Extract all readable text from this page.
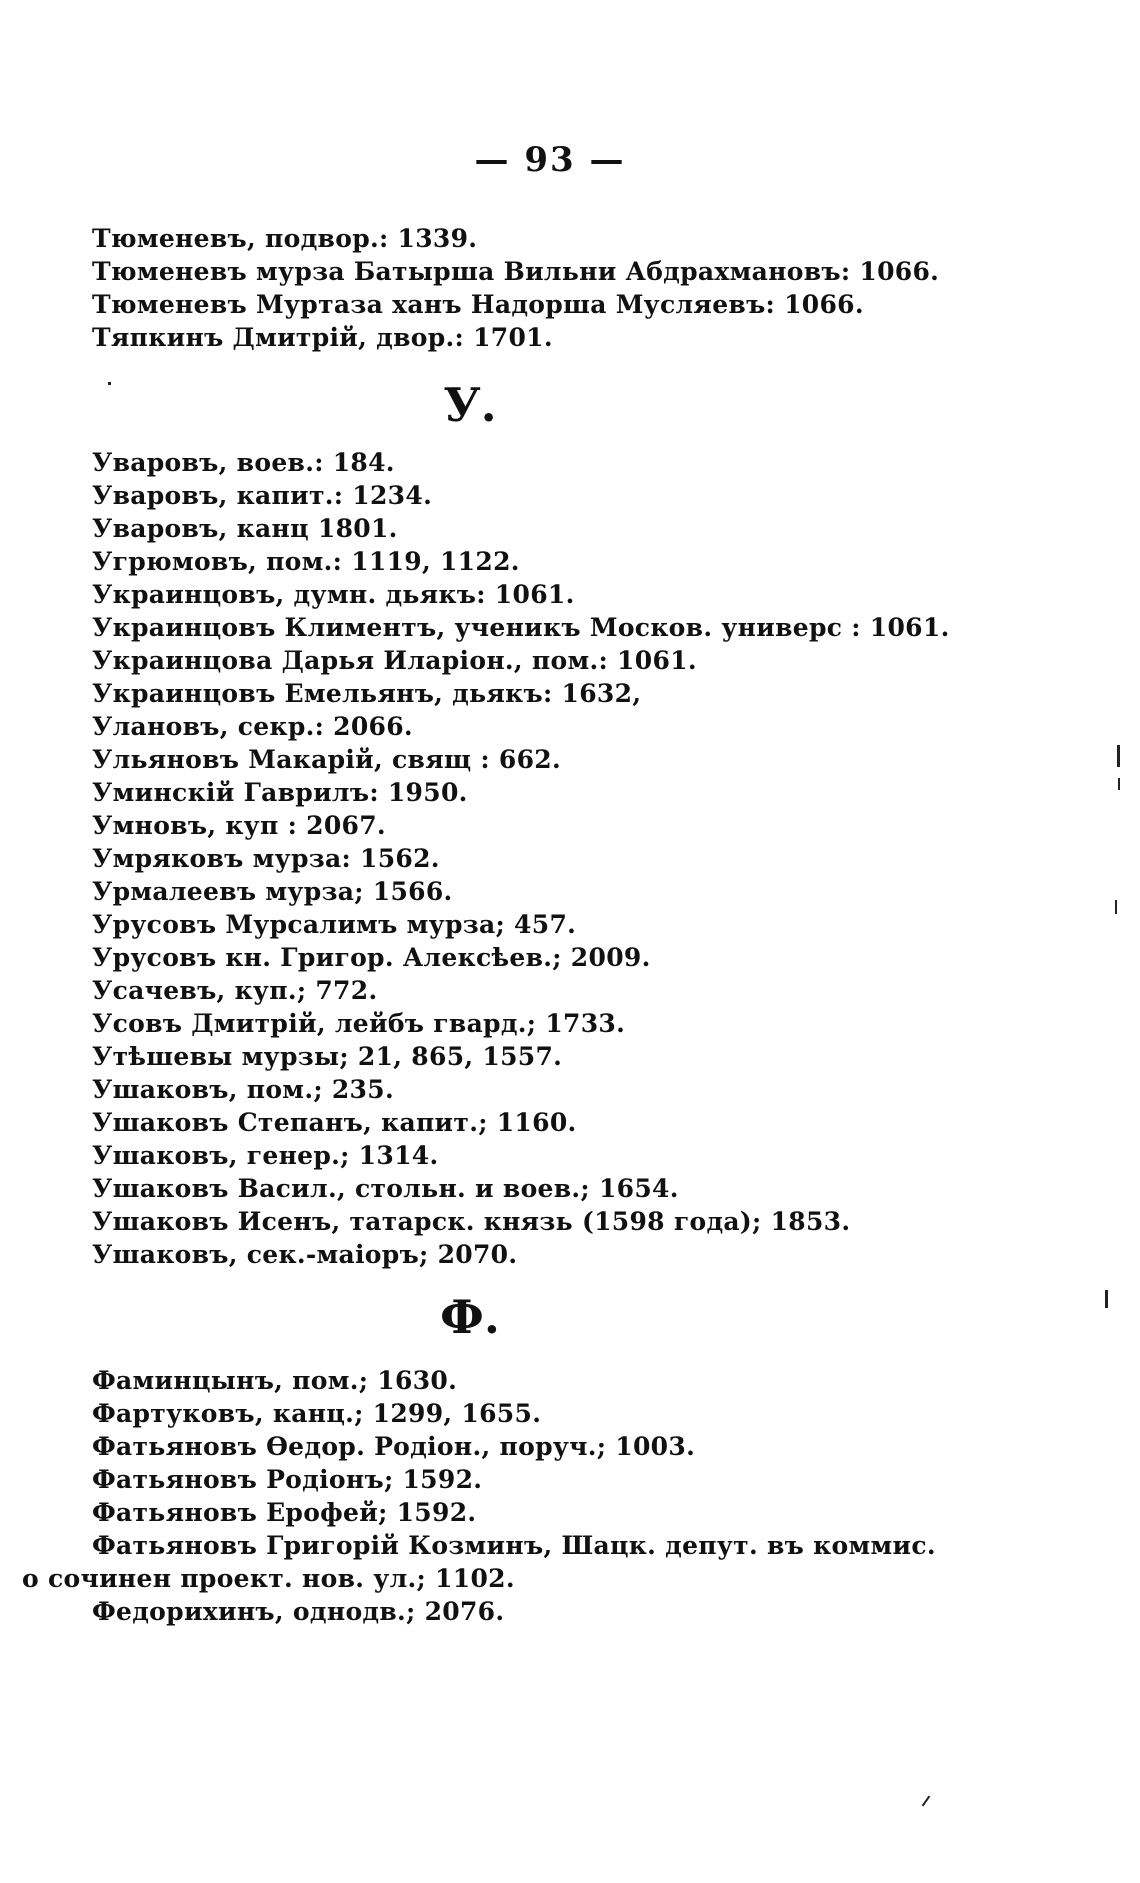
— 93 —
Тюменевъ, подвор.: 1339.
Тюменевъ мурза Батырша Вильни Абдрахмановъ: 1066.
Тюменевъ Муртаза ханъ Надорша Мусляевъ: 1066.
Тяпкинъ Дмитрій, двор.: 1701.
У.
Уваровъ, воев.: 184.
Уваровъ, капит.: 1234.
Уваровъ, канц 1801.
Угрюмовъ, пом.: 1119, 1122.
Украинцовъ, думн. дьякъ: 1061.
Украинцовъ Климентъ, ученикъ Москов. универс : 1061.
Украинцова Дарья Иларіон., пом.: 1061.
Украинцовъ Емельянъ, дьякъ: 1632,
Улановъ, секр.: 2066.
Ульяновъ Макарій, свящ : 662.
Уминскій Гаврилъ: 1950.
Умновъ, куп : 2067.
Умряковъ мурза: 1562.
Урмалеевъ мурза; 1566.
Урусовъ Мурсалимъ мурза; 457.
Урусовъ кн. Григор. Алексѣев.; 2009.
Усачевъ, куп.; 772.
Усовъ Дмитрій, лейбъ гвард.; 1733.
Утѣшевы мурзы; 21, 865, 1557.
Ушаковъ, пом.; 235.
Ушаковъ Степанъ, капит.; 1160.
Ушаковъ, генер.; 1314.
Ушаковъ Васил., стольн. и воев.; 1654.
Ушаковъ Исенъ, татарск. князь (1598 года); 1853.
Ушаковъ, сек.-маіоръ; 2070.
Ф.
Фаминцынъ, пом.; 1630.
Фартуковъ, канц.; 1299, 1655.
Фатьяновъ Ѳедор. Родіон., поруч.; 1003.
Фатьяновъ Родіонъ; 1592.
Фатьяновъ Ерофей; 1592.
Фатьяновъ Григорій Козминъ, Шацк. депут. въ коммис.
о сочинен проект. нов. ул.; 1102.
Федорихинъ, однодв.; 2076.
